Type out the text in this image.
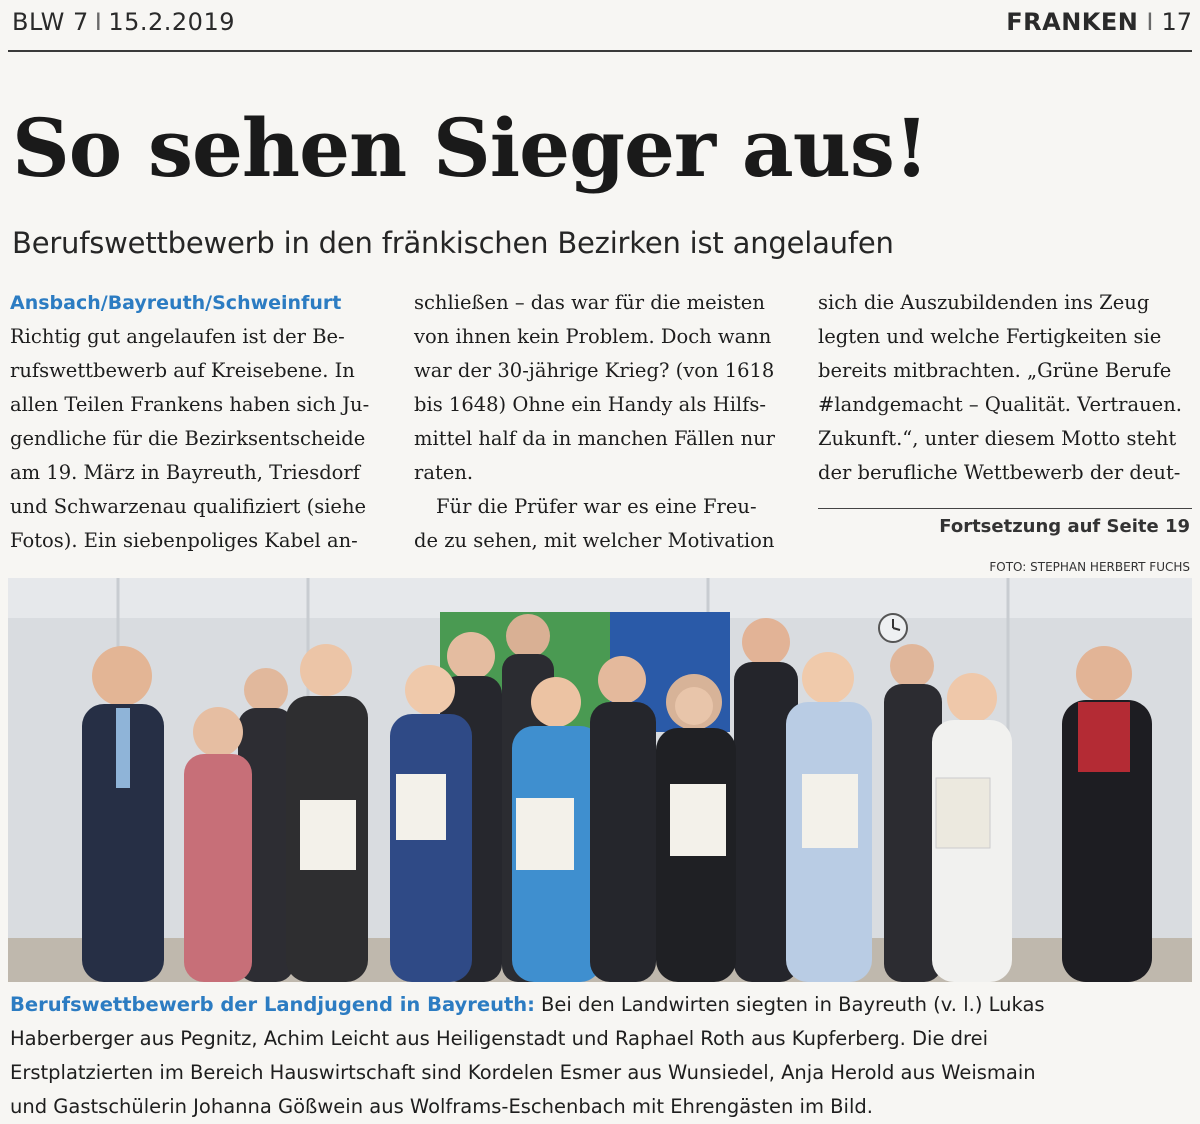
BLW 7 I 15.2.2019	FRANKEN I 17
So sehen Sieger aus!
Berufswettbewerb in den fränkischen Bezirken ist angelaufen
Ansbach/Bayreuth/Schweinfurt
Richtig gut angelaufen ist der Be-
rufswettbewerb auf Kreisebene. In
allen Teilen Frankens haben sich Ju-
gendliche für die Bezirksentscheide
am 19. März in Bayreuth, Triesdorf
und Schwarzenau qualifiziert (siehe
Fotos). Ein siebenpoliges Kabel an-
schließen – das war für die meisten
von ihnen kein Problem. Doch wann
war der 30-jährige Krieg? (von 1618
bis 1648) Ohne ein Handy als Hilfs-
mittel half da in manchen Fällen nur
raten.
Für die Prüfer war es eine Freu-
de zu sehen, mit welcher Motivation
sich die Auszubildenden ins Zeug
legten und welche Fertigkeiten sie
bereits mitbrachten. „Grüne Berufe
#landgemacht – Qualität. Vertrauen.
Zukunft.“, unter diesem Motto steht
der berufliche Wettbewerb der deut-
Fortsetzung auf Seite 19
FOTO: STEPHAN HERBERT FUCHS
Berufswettbewerb der Landjugend in Bayreuth: Bei den Landwirten siegten in Bayreuth (v. l.) Lukas
Haberberger aus Pegnitz, Achim Leicht aus Heiligenstadt und Raphael Roth aus Kupferberg. Die drei
Erstplatzierten im Bereich Hauswirtschaft sind Kordelen Esmer aus Wunsiedel, Anja Herold aus Weismain
und Gastschülerin Johanna Gößwein aus Wolframs-Eschenbach mit Ehrengästen im Bild.
